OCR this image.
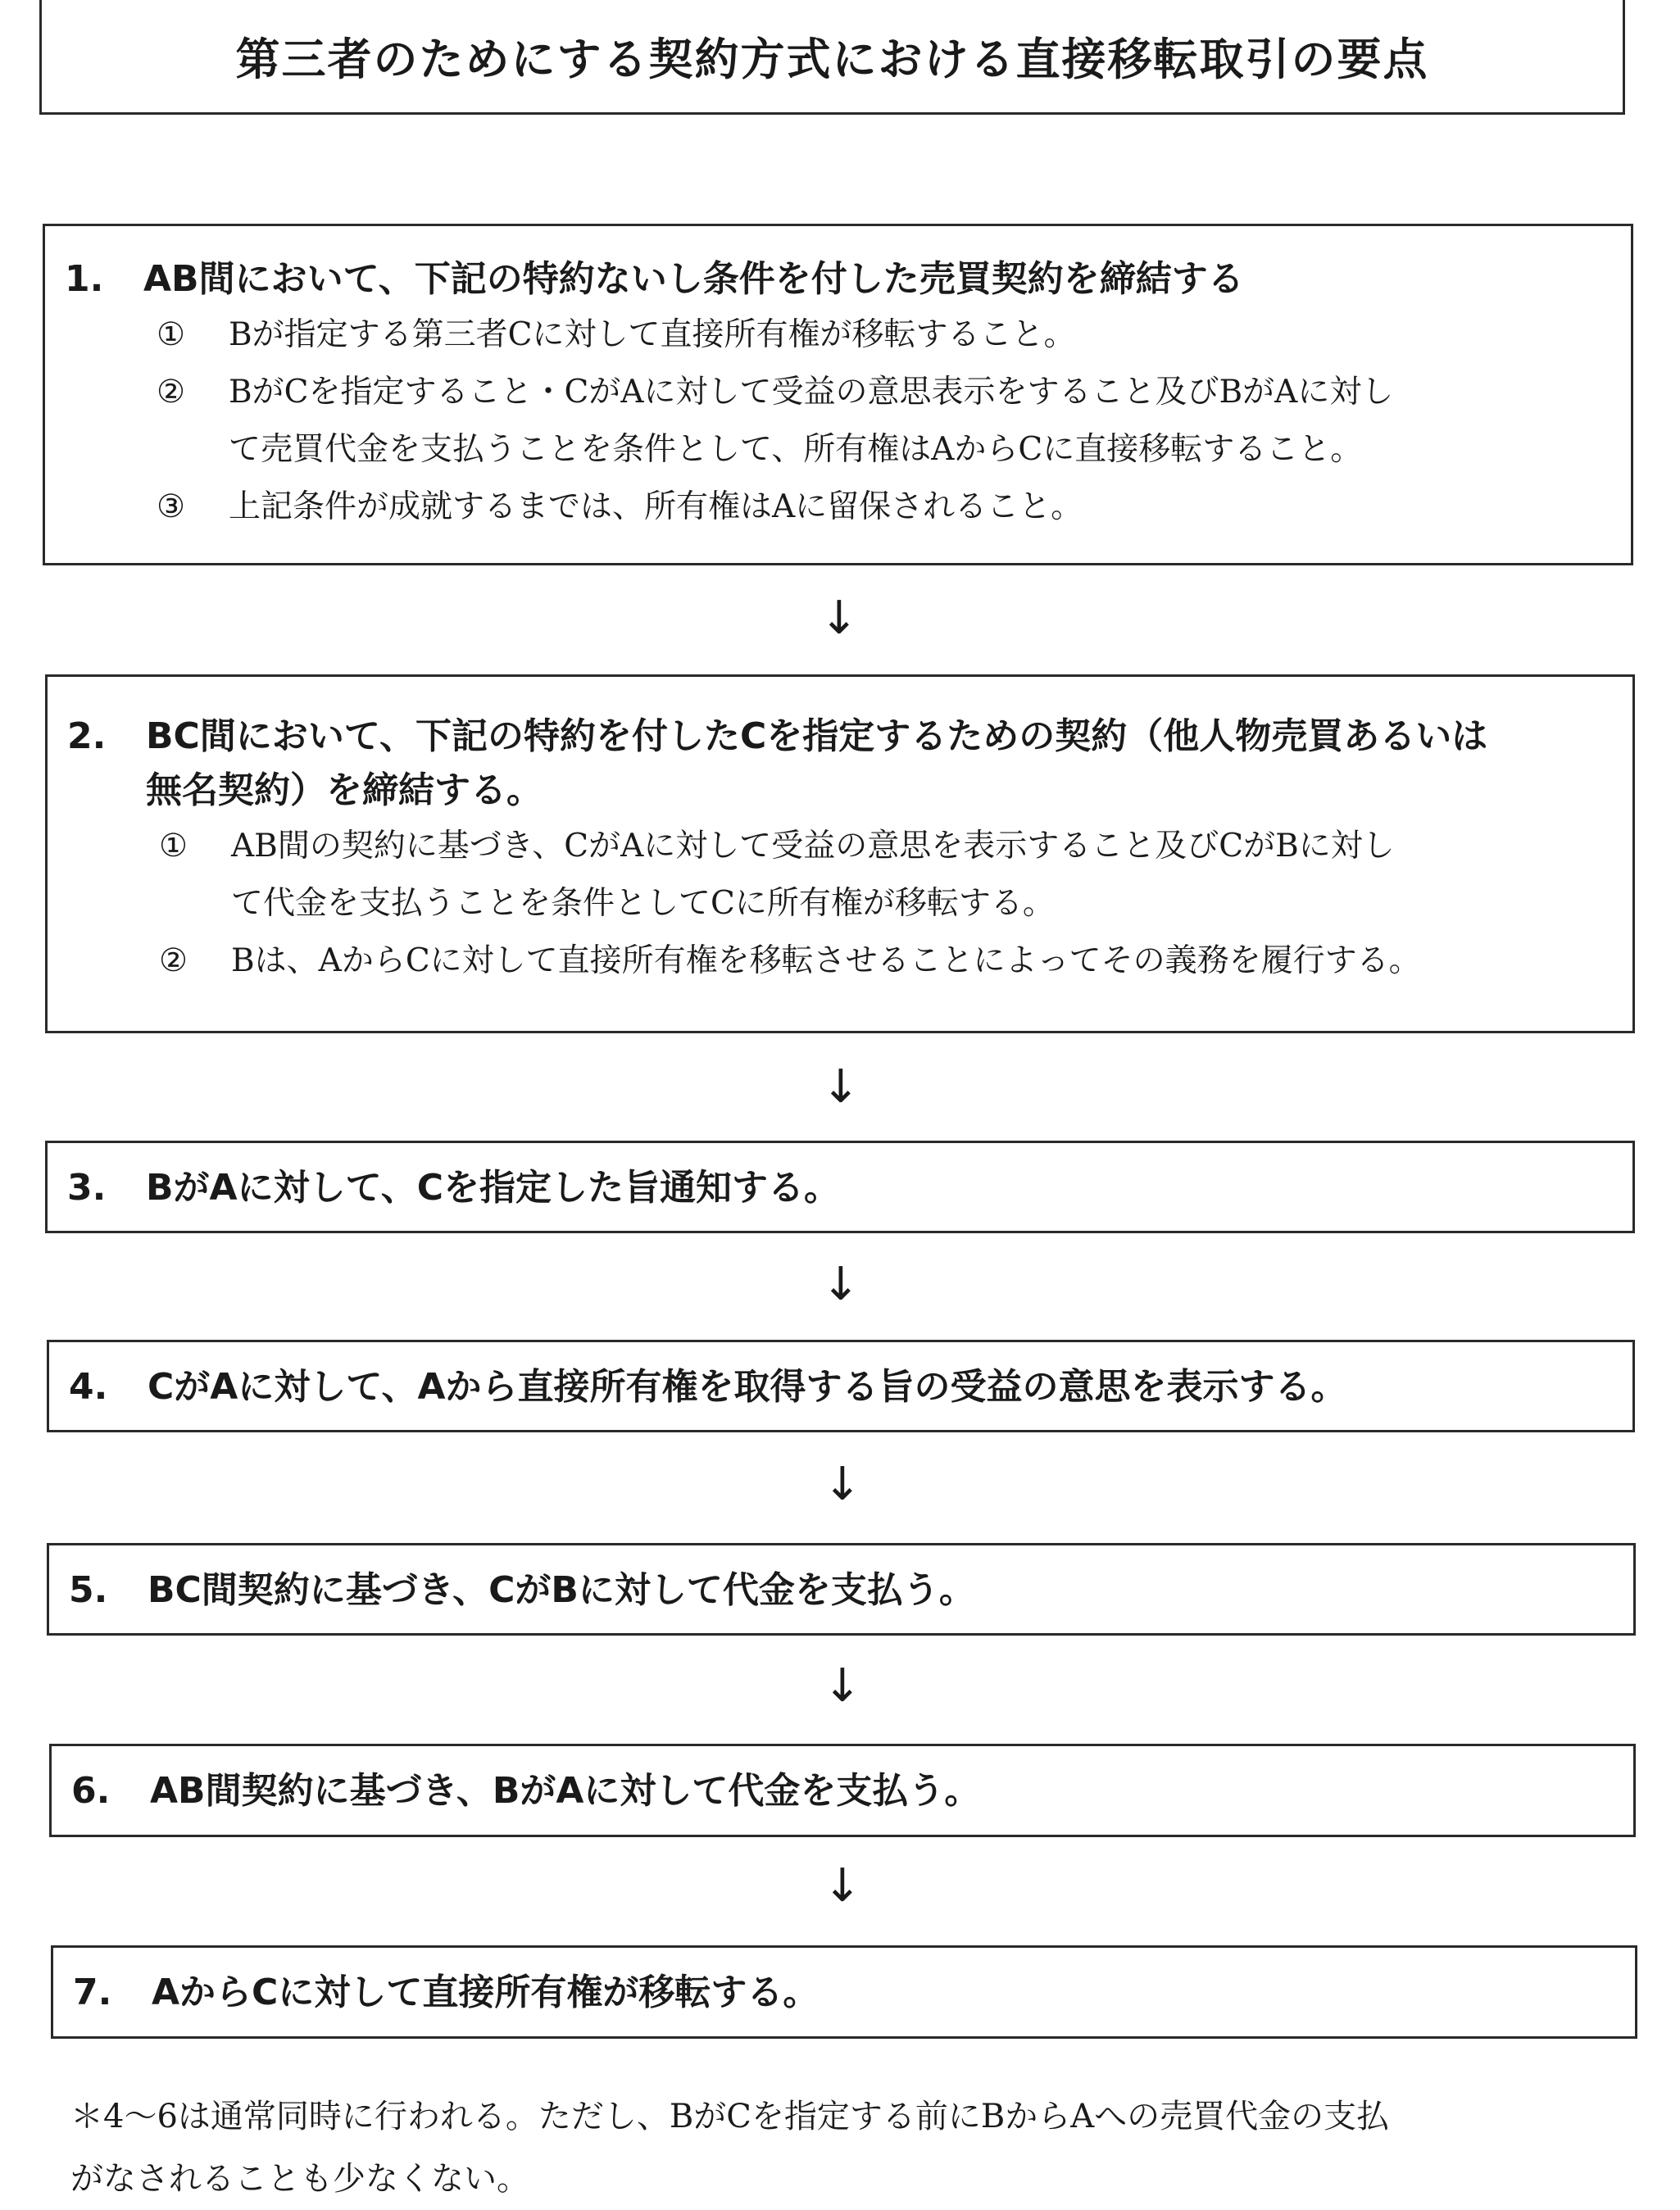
第三者のためにする契約方式における直接移転取引の要点
1. AB間において、下記の特約ないし条件を付した売買契約を締結する
① Bが指定する第三者Cに対して直接所有権が移転すること。
② BがCを指定すること・CがAに対して受益の意思表示をすること及びBがAに対し
て売買代金を支払うことを条件として、所有権はAからCに直接移転すること。
③ 上記条件が成就するまでは、所有権はAに留保されること。
↓
2. BC間において、下記の特約を付したCを指定するための契約（他人物売買あるいは
無名契約）を締結する。
① AB間の契約に基づき、CがAに対して受益の意思を表示すること及びCがBに対し
て代金を支払うことを条件としてCに所有権が移転する。
② Bは、AからCに対して直接所有権を移転させることによってその義務を履行する。
↓
3. BがAに対して、Cを指定した旨通知する。
↓
4. CがAに対して、Aから直接所有権を取得する旨の受益の意思を表示する。
↓
5. BC間契約に基づき、CがBに対して代金を支払う。
↓
6. AB間契約に基づき、BがAに対して代金を支払う。
↓
7. AからCに対して直接所有権が移転する。
＊4～6は通常同時に行われる。ただし、BがCを指定する前にBからAへの売買代金の支払
がなされることも少なくない。
